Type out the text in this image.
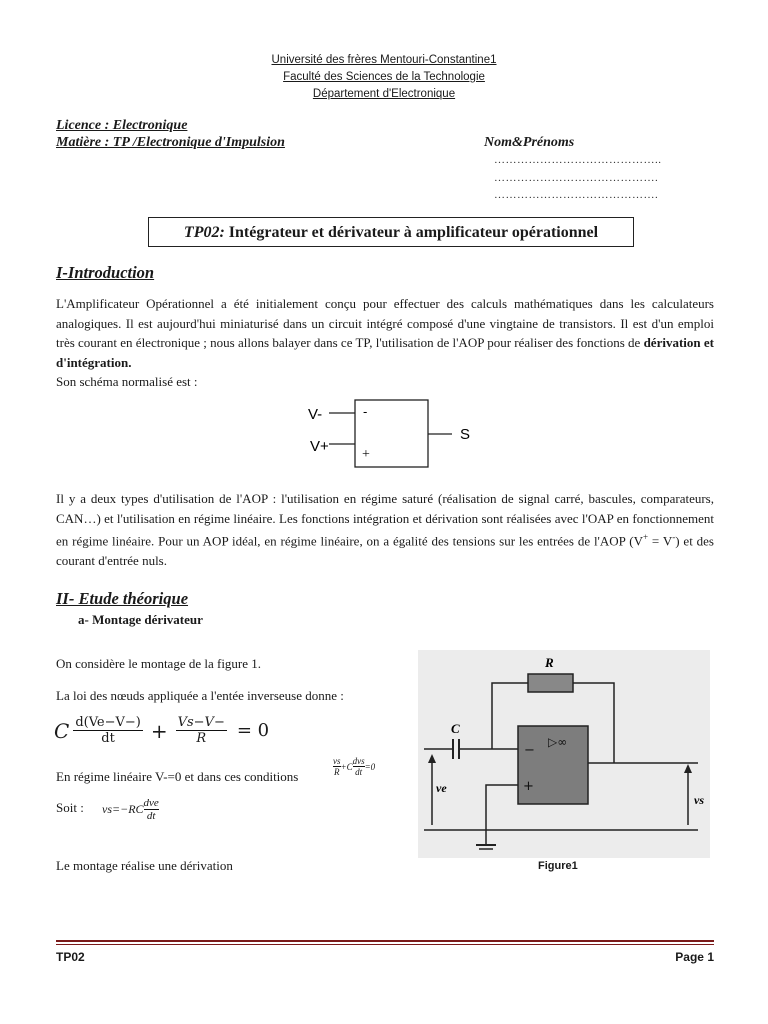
Université des frères Mentouri-Constantine1
Faculté des Sciences de la Technologie
Département d'Electronique
Licence : Electronique
Matière : TP /Electronique d'Impulsion	Nom&Prénoms
……………………………………..
…………………………………….
…………………………………….
TP02: Intégrateur et dérivateur à amplificateur opérationnel
I-Introduction

L'Amplificateur Opérationnel a été initialement conçu pour effectuer des calculs mathématiques dans les calculateurs analogiques. Il est aujourd'hui miniaturisé dans un circuit intégré composé d'une vingtaine de transistors. Il est d'un emploi très courant en électronique ; nous allons balayer dans ce TP, l'utilisation de l'AOP pour réaliser des fonctions de dérivation et d'intégration.

Son schéma normalisé est :

V-
V+
-
+
S

Il y a deux types d'utilisation de l'AOP : l'utilisation en régime saturé (réalisation de signal carré, bascules, comparateurs, CAN…) et l'utilisation en régime linéaire. Les fonctions intégration et dérivation sont réalisées avec l'OAP en fonctionnement en régime linéaire. Pour un AOP idéal, en régime linéaire, on a égalité des tensions sur les entrées de l'AOP (V+ = V-) et des courant d'entrée nuls.

II- Etude théorique
a- Montage dérivateur
On considère le montage de la figure 1.
La loi des nœuds appliquée a l'entée inverseuse donne :
C $\frac{d(Ve-V-)}{dt} + \frac{Vs-V-}{R} = 0$
vs
R
+C
dvs
dt
=0
En régime linéaire V-=0 et dans ces conditions
Soit : vs=−RC dve
dt
Le montage réalise une dérivation
R
C
ve
vs
▷∞
−
+
Figure1
TP02	Page 1
